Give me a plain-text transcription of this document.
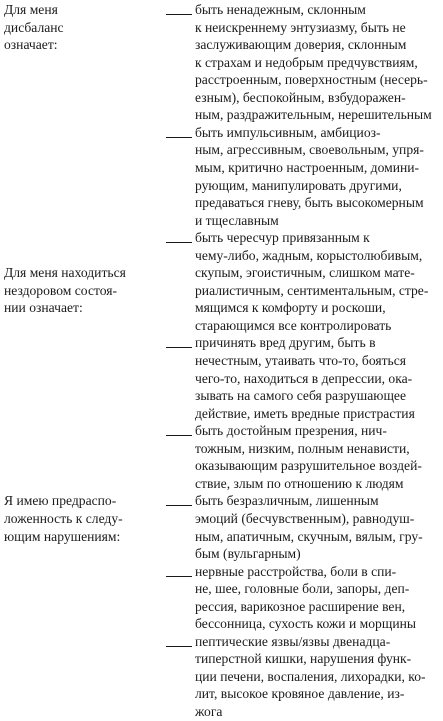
Для меня
дисбаланс
означает:
быть ненадежным, склонным
к неискреннему энтузиазму, быть не
заслуживающим доверия, склонным
к страхам и недобрым предчувствиям,
расстроенным, поверхностным (несерь-
езным), беспокойным, взбудоражен-
ным, раздражительным, нерешительным
быть импульсивным, амбициоз-
ным, агрессивным, своевольным, упря-
мым, критично настроенным, домини-
рующим, манипулировать другими,
предаваться гневу, быть высокомерным
и тщеславным
быть чересчур привязанным к
чему-либо, жадным, корыстолюбивым,
скупым, эгоистичным, слишком мате-
риалистичным, сентиментальным, стре-
мящимся к комфорту и роскоши,
старающимся все контролировать
Для меня находиться
нездоровом состоя-
нии означает:
причинять вред другим, быть в
нечестным, утаивать что-то, бояться
чего-то, находиться в депрессии, ока-
зывать на самого себя разрушающее
действие, иметь вредные пристрастия
быть достойным презрения, нич-
тожным, низким, полным ненависти,
оказывающим разрушительное воздей-
ствие, злым по отношению к людям
быть безразличным, лишенным
эмоций (бесчувственным), равнодуш-
ным, апатичным, скучным, вялым, гру-
бым (вульгарным)
Я имею предраспо-
ложенность к следу-
ющим нарушениям:
нервные расстройства, боли в спи-
не, шее, головные боли, запоры, деп-
рессия, варикозное расширение вен,
бессонница, сухость кожи и морщины
пептические язвы/язвы двенадца-
типерстной кишки, нарушения функ-
ции печени, воспаления, лихорадки, ко-
лит, высокое кровяное давление, из-
жога
